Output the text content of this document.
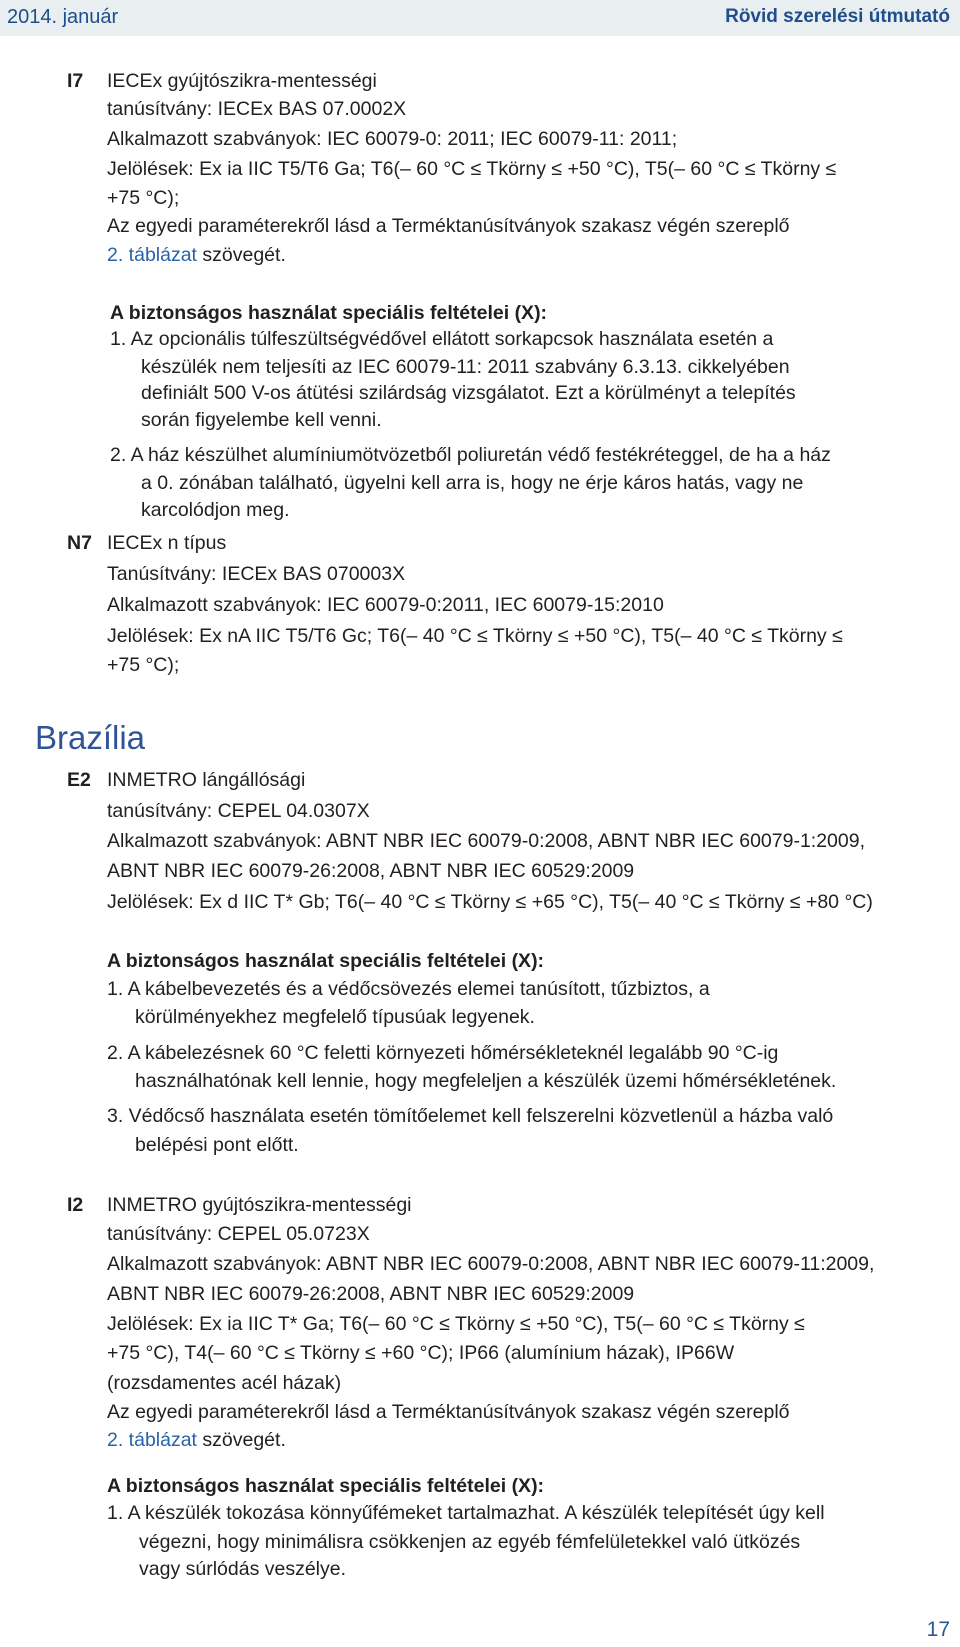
2014. január	Rövid szerelési útmutató
I7 IECEx gyújtószikra-mentességi
tanúsítvány: IECEx BAS 07.0002X
Alkalmazott szabványok: IEC 60079-0: 2011; IEC 60079-11: 2011;
Jelölések: Ex ia IIC T5/T6 Ga; T6(– 60 °C ≤ Tkörny ≤ +50 °C), T5(– 60 °C ≤ Tkörny ≤
+75 °C);
Az egyedi paraméterekről lásd a Terméktanúsítványok szakasz végén szereplő
2. táblázat szövegét.
A biztonságos használat speciális feltételei (X):
1. Az opcionális túlfeszültségvédővel ellátott sorkapcsok használata esetén a
készülék nem teljesíti az IEC 60079-11: 2011 szabvány 6.3.13. cikkelyében
definiált 500 V-os átütési szilárdság vizsgálatot. Ezt a körülményt a telepítés
során figyelembe kell venni.
2. A ház készülhet alumíniumötvözetből poliuretán védő festékréteggel, de ha a ház
a 0. zónában található, ügyelni kell arra is, hogy ne érje káros hatás, vagy ne
karcolódjon meg.
N7 IECEx n típus
Tanúsítvány: IECEx BAS 070003X
Alkalmazott szabványok: IEC 60079-0:2011, IEC 60079-15:2010
Jelölések: Ex nA IIC T5/T6 Gc; T6(– 40 °C ≤ Tkörny ≤ +50 °C), T5(– 40 °C ≤ Tkörny ≤
+75 °C);
Brazília
E2 INMETRO lángállósági
tanúsítvány: CEPEL 04.0307X
Alkalmazott szabványok: ABNT NBR IEC 60079-0:2008, ABNT NBR IEC 60079-1:2009,
ABNT NBR IEC 60079-26:2008, ABNT NBR IEC 60529:2009
Jelölések: Ex d IIC T* Gb; T6(– 40 °C ≤ Tkörny ≤ +65 °C), T5(– 40 °C ≤ Tkörny ≤ +80 °C)
A biztonságos használat speciális feltételei (X):
1. A kábelbevezetés és a védőcsövezés elemei tanúsított, tűzbiztos, a
körülményekhez megfelelő típusúak legyenek.
2. A kábelezésnek 60 °C feletti környezeti hőmérsékleteknél legalább 90 °C-ig
használhatónak kell lennie, hogy megfeleljen a készülék üzemi hőmérsékletének.
3. Védőcső használata esetén tömítőelemet kell felszerelni közvetlenül a házba való
belépési pont előtt.
I2 INMETRO gyújtószikra-mentességi
tanúsítvány: CEPEL 05.0723X
Alkalmazott szabványok: ABNT NBR IEC 60079-0:2008, ABNT NBR IEC 60079-11:2009,
ABNT NBR IEC 60079-26:2008, ABNT NBR IEC 60529:2009
Jelölések: Ex ia IIC T* Ga; T6(– 60 °C ≤ Tkörny ≤ +50 °C), T5(– 60 °C ≤ Tkörny ≤
+75 °C), T4(– 60 °C ≤ Tkörny ≤ +60 °C); IP66 (alumínium házak), IP66W
(rozsdamentes acél házak)
Az egyedi paraméterekről lásd a Terméktanúsítványok szakasz végén szereplő
2. táblázat szövegét.
A biztonságos használat speciális feltételei (X):
1. A készülék tokozása könnyűfémeket tartalmazhat. A készülék telepítését úgy kell
végezni, hogy minimálisra csökkenjen az egyéb fémfelületekkel való ütközés
vagy súrlódás veszélye.
17
